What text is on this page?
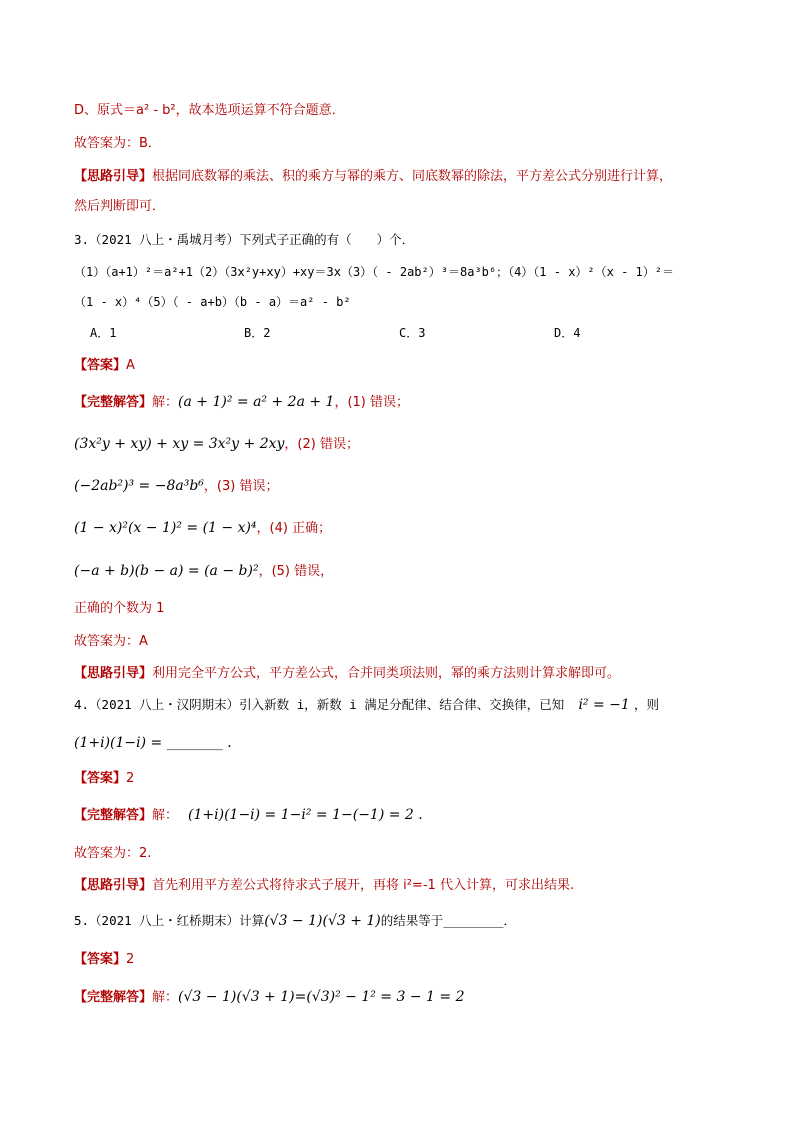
D、原式＝a² - b²，故本选项运算不符合题意．
故答案为：B．
【思路引导】根据同底数幂的乘法、积的乘方与幂的乘方、同底数幂的除法，平方差公式分别进行计算，
然后判断即可．
3.（2021 八上・禹城月考）下列式子正确的有（　　）个．
（1）（a+1）²＝a²+1（2）（3x²y+xy）+xy＝3x（3）（ - 2ab²）³＝8a³b⁶；（4）（1 - x）²（x - 1）²＝
（1 - x）⁴（5）（ - a+b）（b - a）＝a² - b²
A．1	B．2	C．3	D．4
【答案】A
【完整解答】解：(a + 1)² = a² + 2a + 1，(1) 错误；
(3x²y + xy) + xy = 3x²y + 2xy，(2) 错误；
(−2ab²)³ = −8a³b⁶，(3) 错误；
(1 − x)²(x − 1)² = (1 − x)⁴，(4) 正确；
(−a + b)(b − a) = (a − b)²，(5) 错误，
正确的个数为 1
故答案为：A
【思路引导】利用完全平方公式，平方差公式，合并同类项法则，幂的乘方法则计算求解即可。
4.（2021 八上・汉阴期末）引入新数 i，新数 i 满足分配律、结合律、交换律，已知 i² = −1 ，则
(1+i)(1−i) = ________ .
【答案】2
【完整解答】解： (1+i)(1−i) = 1−i² = 1−(−1) = 2 .
故答案为：2.
【思路引导】首先利用平方差公式将待求式子展开，再将 i²=-1 代入计算，可求出结果.
5.（2021 八上・红桥期末）计算(√3 − 1)(√3 + 1)的结果等于________．
【答案】2
【完整解答】解：(√3 − 1)(√3 + 1)=(√3)² − 1² = 3 − 1 = 2
